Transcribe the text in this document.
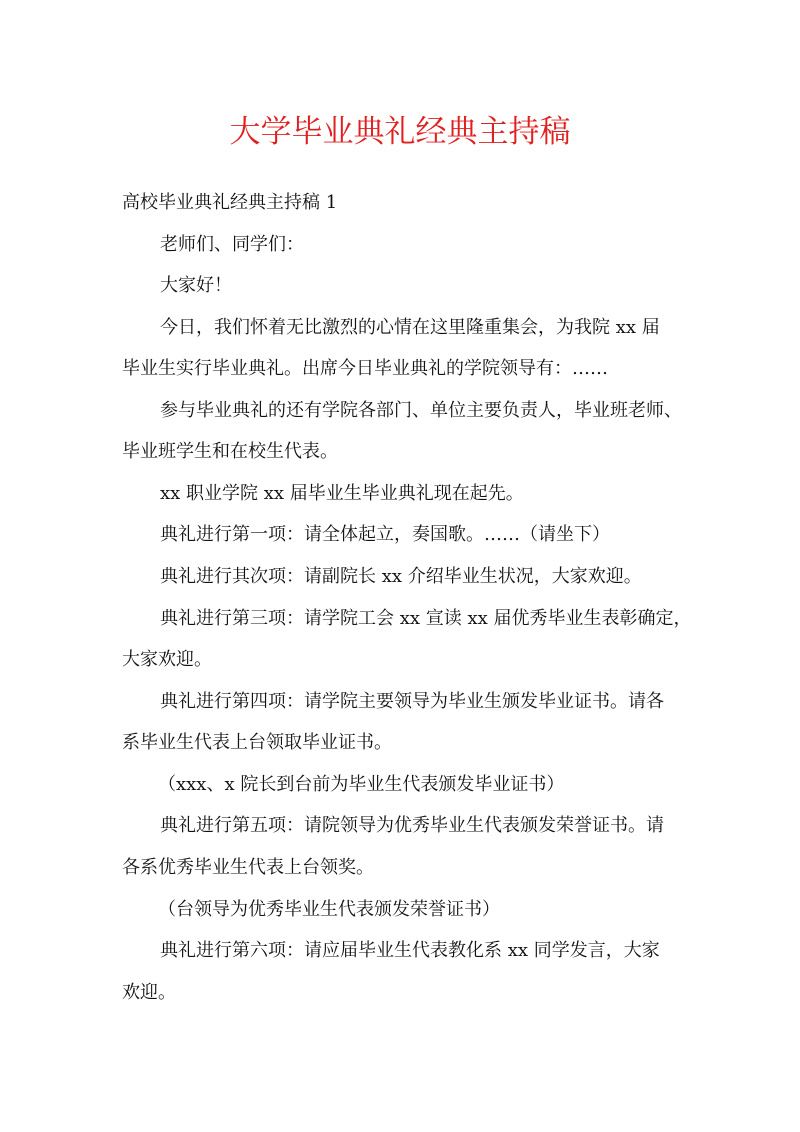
大学毕业典礼经典主持稿

高校毕业典礼经典主持稿 1

老师们、同学们：

大家好！

今日，我们怀着无比激烈的心情在这里隆重集会，为我院 xx 届

毕业生实行毕业典礼。出席今日毕业典礼的学院领导有：……

参与毕业典礼的还有学院各部门、单位主要负责人，毕业班老师、

毕业班学生和在校生代表。

xx 职业学院 xx 届毕业生毕业典礼现在起先。

典礼进行第一项：请全体起立，奏国歌。……（请坐下）

典礼进行其次项：请副院长 xx 介绍毕业生状况，大家欢迎。

典礼进行第三项：请学院工会 xx 宣读 xx 届优秀毕业生表彰确定，

大家欢迎。

典礼进行第四项：请学院主要领导为毕业生颁发毕业证书。请各

系毕业生代表上台领取毕业证书。

（xxx、x 院长到台前为毕业生代表颁发毕业证书）

典礼进行第五项：请院领导为优秀毕业生代表颁发荣誉证书。请

各系优秀毕业生代表上台领奖。

（台领导为优秀毕业生代表颁发荣誉证书）

典礼进行第六项：请应届毕业生代表教化系 xx 同学发言，大家

欢迎。
